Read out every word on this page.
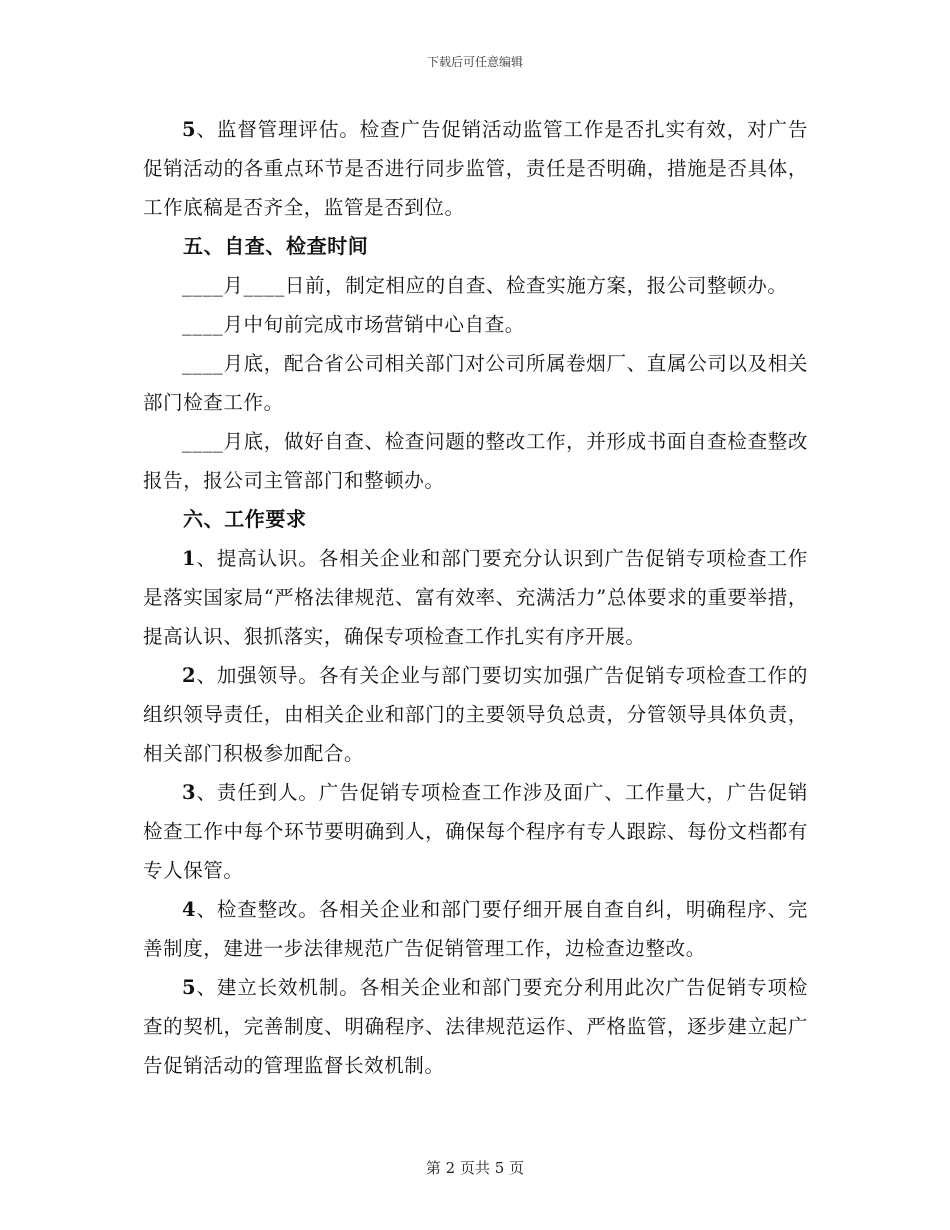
下载后可任意编辑

5、监督管理评估。检查广告促销活动监管工作是否扎实有效，对广告促销活动的各重点环节是否进行同步监管，责任是否明确，措施是否具体，工作底稿是否齐全，监管是否到位。

五、自查、检查时间

____月____日前，制定相应的自查、检查实施方案，报公司整顿办。

____月中旬前完成市场营销中心自查。

____月底，配合省公司相关部门对公司所属卷烟厂、直属公司以及相关部门检查工作。

____月底，做好自查、检查问题的整改工作，并形成书面自查检查整改报告，报公司主管部门和整顿办。

六、工作要求

1、提高认识。各相关企业和部门要充分认识到广告促销专项检查工作是落实国家局“严格法律规范、富有效率、充满活力”总体要求的重要举措，提高认识、狠抓落实，确保专项检查工作扎实有序开展。

2、加强领导。各有关企业与部门要切实加强广告促销专项检查工作的组织领导责任，由相关企业和部门的主要领导负总责，分管领导具体负责，相关部门积极参加配合。

3、责任到人。广告促销专项检查工作涉及面广、工作量大，广告促销检查工作中每个环节要明确到人，确保每个程序有专人跟踪、每份文档都有专人保管。

4、检查整改。各相关企业和部门要仔细开展自查自纠，明确程序、完善制度，建进一步法律规范广告促销管理工作，边检查边整改。

5、建立长效机制。各相关企业和部门要充分利用此次广告促销专项检查的契机，完善制度、明确程序、法律规范运作、严格监管，逐步建立起广告促销活动的管理监督长效机制。

第 2 页共 5 页
